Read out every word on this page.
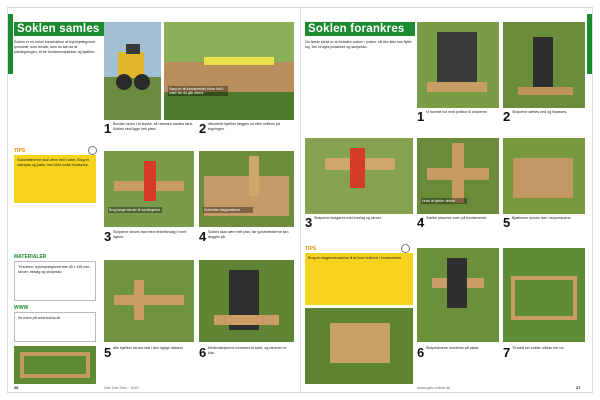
Soklen samles
Soklen er en enkel konstruktion af trykimprægneret tyrrestræ, som består, som du kan se af plantegningen, af tre fundamentplanker og bjælker...
Sørg for at fundamentet bliver helt i vater før du går videre
1 Bunden laves i et stykke, så rammen samles først. Soklen skal ligge helt plant.	2 Afkortede bjælker lægges ud efter målene på tegningen.
TIPS
Sokkelbærerne skal være helt i vater. Brug et vaterpas og juster med kiler under klodserne.
Brug lange skruer til samlingerne	Kontroller diagonalerne
3 Stolperne skrues fast med vinkelbeslag i hvert hjørne.	4 Soklen skal være helt plan, før gulvbrædderne kan lægges på.
MATERIALER
Til soklen: trykimprægneret træ 45 x 195 mm, skruer, beslag og stolpesko.
WWW
Se mere på www.bolius.dk
5 Alle bjælker skrues fast i den rigtige afstand.	6 Mellemstolperne monteres til sidst, og rammen er klar.
26	Gør Det Selv · 6/10
Soklen forankres
De første skridt er at forankre soklen i jorden, så den ikke kan flytte sig. Der bruges jordankre og stolpesko.
1 Vi borede hul med jordbor til stolperne.	2 Stolperne sættes ned og tilpasses.
Husk at tjekke vinkler
3 Stolperne fastgøres med beslag og skruer.	4 Soklen placeres oven på fundamentet.	5 Bjælkerne skrues fast i stolpeskoene.
TIPS
Brug en slagboremaskine til at bore hullerne i fundamentet.
6 Stolpeskoene monteres på plads.	7 Til sidst ser soklen sådan her ud.
www.gds-online.dk	27
